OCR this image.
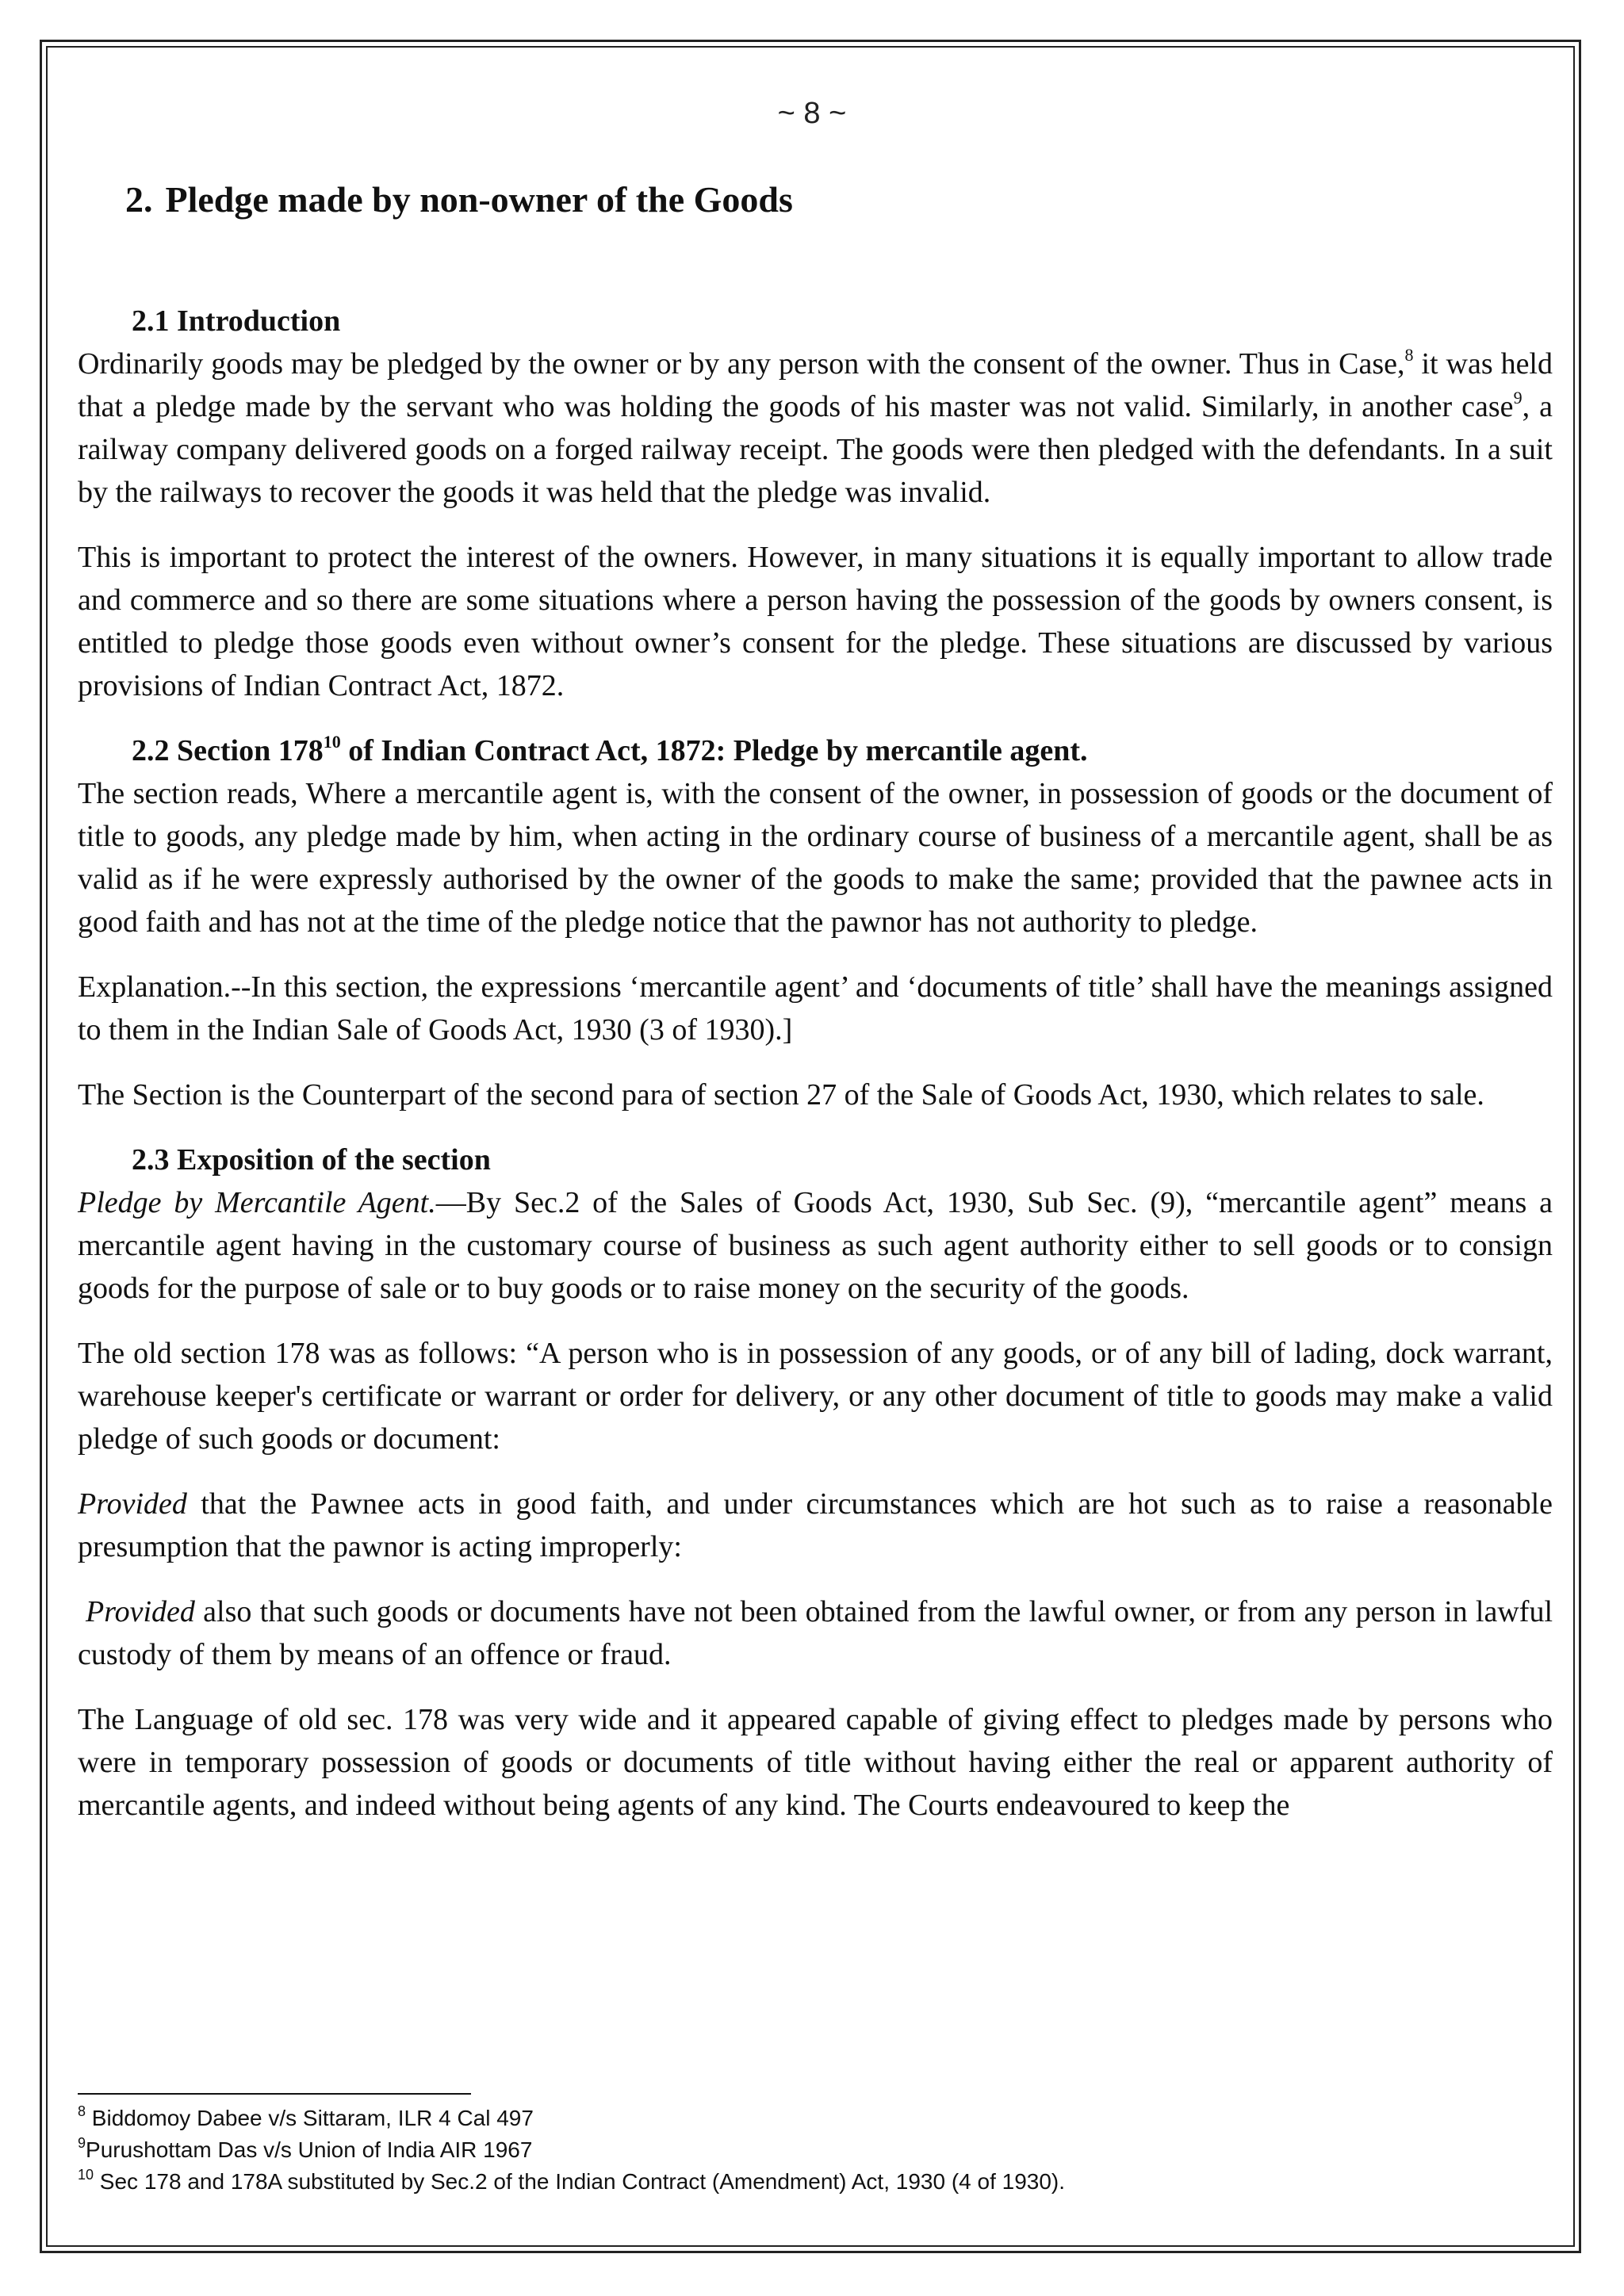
~ 8 ~
2. Pledge made by non-owner of the Goods
2.1 Introduction

Ordinarily goods may be pledged by the owner or by any person with the consent of the owner. Thus in Case,$^8$ it was held that a pledge made by the servant who was holding the goods of his master was not valid. Similarly, in another case$^9$, a railway company delivered goods on a forged railway receipt. The goods were then pledged with the defendants. In a suit by the railways to recover the goods it was held that the pledge was invalid.

This is important to protect the interest of the owners. However, in many situations it is equally important to allow trade and commerce and so there are some situations where a person having the possession of the goods by owners consent, is entitled to pledge those goods even without owner’s consent for the pledge. These situations are discussed by various provisions of Indian Contract Act, 1872.

2.2 Section $178^{10}$ of Indian Contract Act, 1872: Pledge by mercantile agent.

The section reads, Where a mercantile agent is, with the consent of the owner, in possession of goods or the document of title to goods, any pledge made by him, when acting in the ordinary course of business of a mercantile agent, shall be as valid as if he were expressly authorised by the owner of the goods to make the same; provided that the pawnee acts in good faith and has not at the time of the pledge notice that the pawnor has not authority to pledge.

Explanation.--In this section, the expressions ‘mercantile agent’ and ‘documents of title’ shall have the meanings assigned to them in the Indian Sale of Goods Act, 1930 (3 of 1930).]

The Section is the Counterpart of the second para of section 27 of the Sale of Goods Act, 1930, which relates to sale.

2.3 Exposition of the section

Pledge by Mercantile Agent.—By Sec.2 of the Sales of Goods Act, 1930, Sub Sec. (9), “mercantile agent” means a mercantile agent having in the customary course of business as such agent authority either to sell goods or to consign goods for the purpose of sale or to buy goods or to raise money on the security of the goods.

The old section 178 was as follows: “A person who is in possession of any goods, or of any bill of lading, dock warrant, warehouse keeper's certificate or warrant or order for delivery, or any other document of title to goods may make a valid pledge of such goods or document:

Provided that the Pawnee acts in good faith, and under circumstances which are hot such as to raise a reasonable presumption that the pawnor is acting improperly:

Provided also that such goods or documents have not been obtained from the lawful owner, or from any person in lawful custody of them by means of an offence or fraud.

The Language of old sec. 178 was very wide and it appeared capable of giving effect to pledges made by persons who were in temporary possession of goods or documents of title without having either the real or apparent authority of mercantile agents, and indeed without being agents of any kind. The Courts endeavoured to keep the

$^8$ Biddomoy Dabee v/s Sittaram, ILR 4 Cal 497
$^9$Purushottam Das v/s Union of India AIR 1967
$^{10}$ Sec 178 and 178A substituted by Sec.2 of the Indian Contract (Amendment) Act, 1930 (4 of 1930).
